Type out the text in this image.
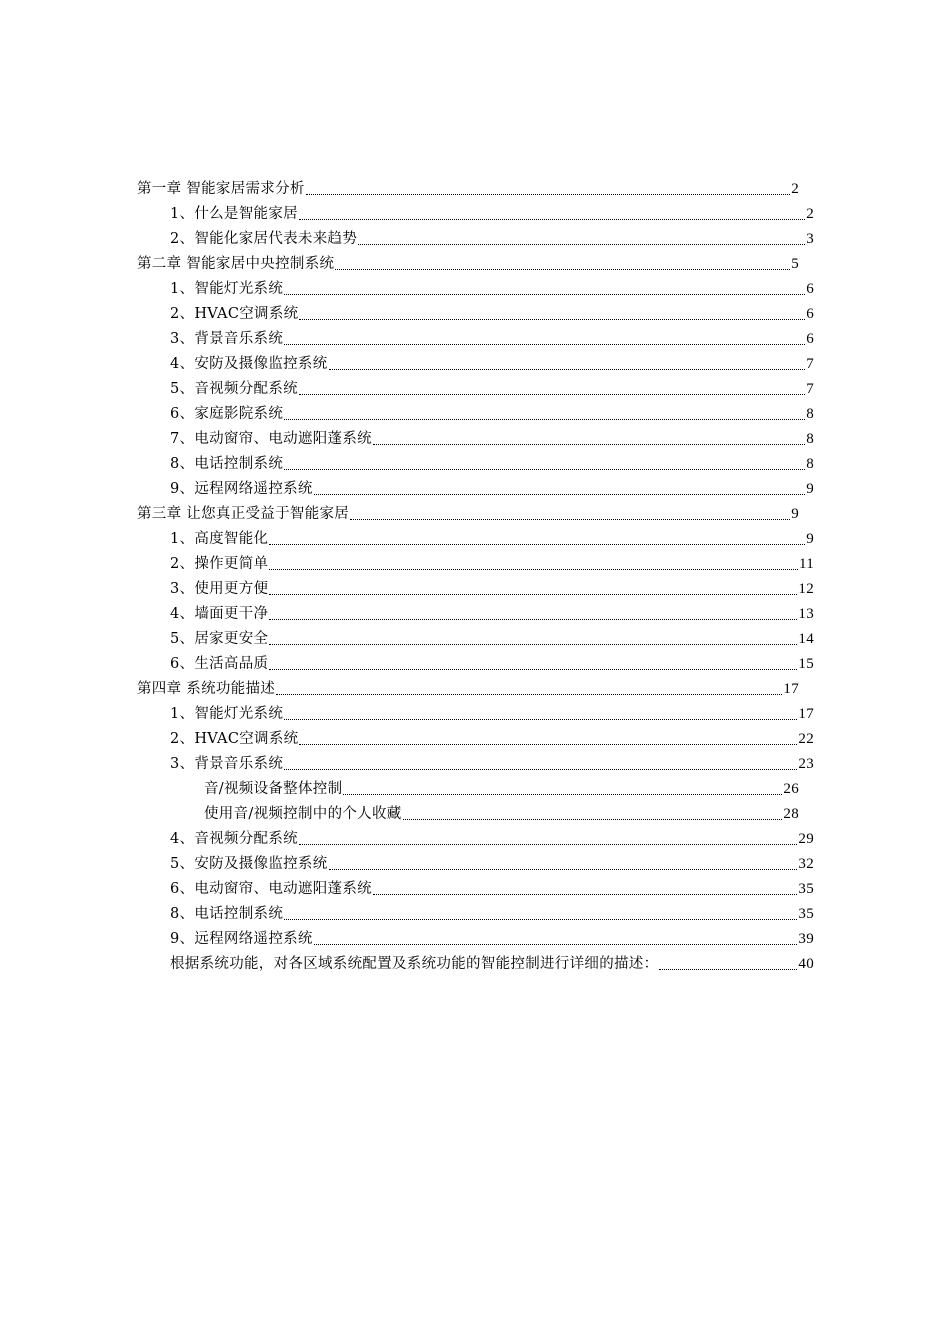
第一章 智能家居需求分析	2
1、什么是智能家居	2
2、智能化家居代表未来趋势	3
第二章 智能家居中央控制系统	5
1、智能灯光系统	6
2、HVAC空调系统	6
3、背景音乐系统	6
4、安防及摄像监控系统	7
5、音视频分配系统	7
6、家庭影院系统	8
7、电动窗帘、电动遮阳蓬系统	8
8、电话控制系统	8
9、远程网络遥控系统	9
第三章 让您真正受益于智能家居	9
1、高度智能化	9
2、操作更简单	11
3、使用更方便	12
4、墙面更干净	13
5、居家更安全	14
6、生活高品质	15
第四章 系统功能描述	17
1、智能灯光系统	17
2、HVAC空调系统	22
3、背景音乐系统	23
音/视频设备整体控制	26
使用音/视频控制中的个人收藏	28
4、音视频分配系统	29
5、安防及摄像监控系统	32
6、电动窗帘、电动遮阳蓬系统	35
8、电话控制系统	35
9、远程网络遥控系统	39
根据系统功能，对各区域系统配置及系统功能的智能控制进行详细的描述：	40
